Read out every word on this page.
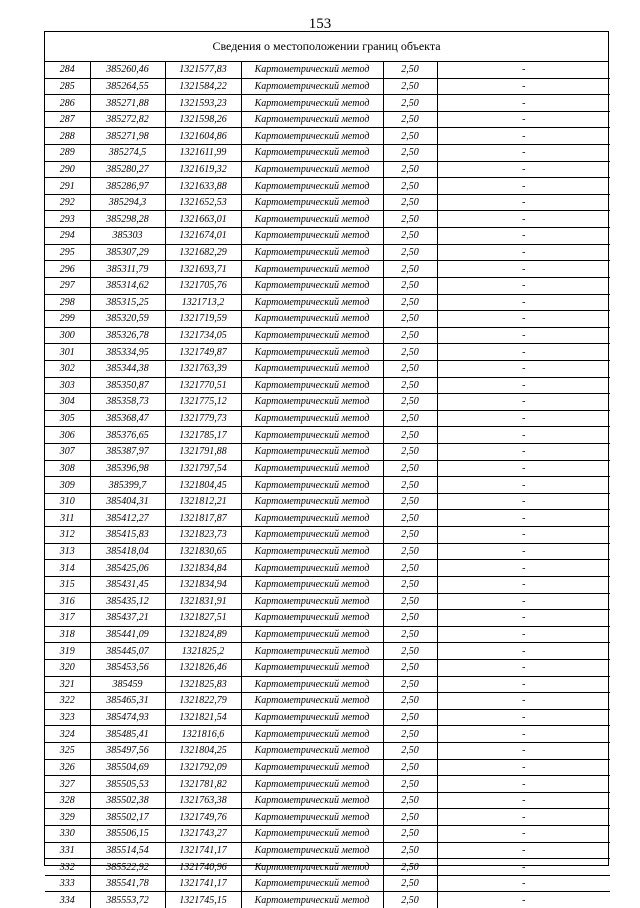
153
Сведения о местоположении границ объекта
284	385260,46	1321577,83	Картометрический метод	2,50	-
285	385264,55	1321584,22	Картометрический метод	2,50	-
286	385271,88	1321593,23	Картометрический метод	2,50	-
287	385272,82	1321598,26	Картометрический метод	2,50	-
288	385271,98	1321604,86	Картометрический метод	2,50	-
289	385274,5	1321611,99	Картометрический метод	2,50	-
290	385280,27	1321619,32	Картометрический метод	2,50	-
291	385286,97	1321633,88	Картометрический метод	2,50	-
292	385294,3	1321652,53	Картометрический метод	2,50	-
293	385298,28	1321663,01	Картометрический метод	2,50	-
294	385303	1321674,01	Картометрический метод	2,50	-
295	385307,29	1321682,29	Картометрический метод	2,50	-
296	385311,79	1321693,71	Картометрический метод	2,50	-
297	385314,62	1321705,76	Картометрический метод	2,50	-
298	385315,25	1321713,2	Картометрический метод	2,50	-
299	385320,59	1321719,59	Картометрический метод	2,50	-
300	385326,78	1321734,05	Картометрический метод	2,50	-
301	385334,95	1321749,87	Картометрический метод	2,50	-
302	385344,38	1321763,39	Картометрический метод	2,50	-
303	385350,87	1321770,51	Картометрический метод	2,50	-
304	385358,73	1321775,12	Картометрический метод	2,50	-
305	385368,47	1321779,73	Картометрический метод	2,50	-
306	385376,65	1321785,17	Картометрический метод	2,50	-
307	385387,97	1321791,88	Картометрический метод	2,50	-
308	385396,98	1321797,54	Картометрический метод	2,50	-
309	385399,7	1321804,45	Картометрический метод	2,50	-
310	385404,31	1321812,21	Картометрический метод	2,50	-
311	385412,27	1321817,87	Картометрический метод	2,50	-
312	385415,83	1321823,73	Картометрический метод	2,50	-
313	385418,04	1321830,65	Картометрический метод	2,50	-
314	385425,06	1321834,84	Картометрический метод	2,50	-
315	385431,45	1321834,94	Картометрический метод	2,50	-
316	385435,12	1321831,91	Картометрический метод	2,50	-
317	385437,21	1321827,51	Картометрический метод	2,50	-
318	385441,09	1321824,89	Картометрический метод	2,50	-
319	385445,07	1321825,2	Картометрический метод	2,50	-
320	385453,56	1321826,46	Картометрический метод	2,50	-
321	385459	1321825,83	Картометрический метод	2,50	-
322	385465,31	1321822,79	Картометрический метод	2,50	-
323	385474,93	1321821,54	Картометрический метод	2,50	-
324	385485,41	1321816,6	Картометрический метод	2,50	-
325	385497,56	1321804,25	Картометрический метод	2,50	-
326	385504,69	1321792,09	Картометрический метод	2,50	-
327	385505,53	1321781,82	Картометрический метод	2,50	-
328	385502,38	1321763,38	Картометрический метод	2,50	-
329	385502,17	1321749,76	Картометрический метод	2,50	-
330	385506,15	1321743,27	Картометрический метод	2,50	-
331	385514,54	1321741,17	Картометрический метод	2,50	-
332	385522,92	1321740,96	Картометрический метод	2,50	-
333	385541,78	1321741,17	Картометрический метод	2,50	-
334	385553,72	1321745,15	Картометрический метод	2,50	-
